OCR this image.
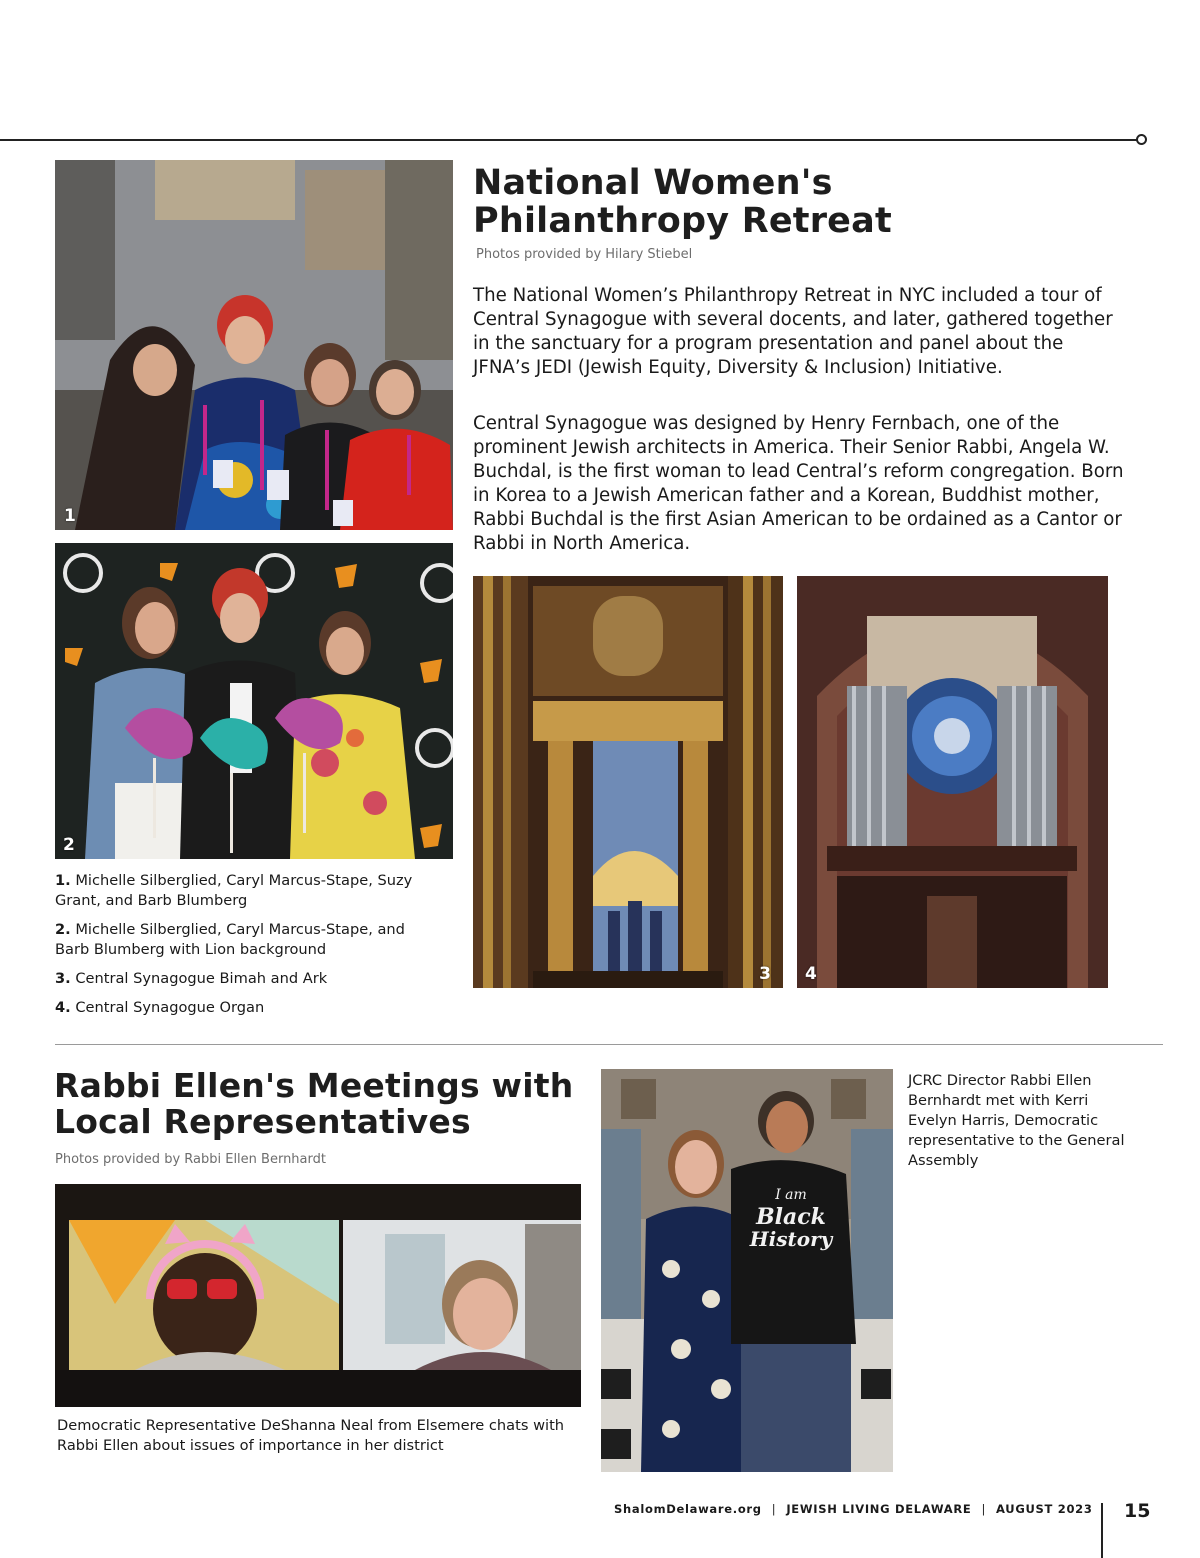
1
2
National Women's
Philanthropy Retreat
Photos provided by Hilary Stiebel
The National Women’s Philanthropy Retreat in NYC included a tour of Central Synagogue with several docents, and later, gathered together in the sanctuary for a program presentation and panel about the JFNA’s JEDI (Jewish Equity, Diversity & Inclusion) Initiative.
Central Synagogue was designed by Henry Fernbach, one of the prominent Jewish architects in America. Their Senior Rabbi, Angela W. Buchdal, is the first woman to lead Central’s reform congregation. Born in Korea to a Jewish American father and a Korean, Buddhist mother, Rabbi Buchdal is the first Asian American to be ordained as a Cantor or Rabbi in North America.
3 4
1. Michelle Silberglied, Caryl Marcus-Stape, Suzy Grant, and Barb Blumberg
2. Michelle Silberglied, Caryl Marcus-Stape, and Barb Blumberg with Lion background
3. Central Synagogue Bimah and Ark
4. Central Synagogue Organ
Rabbi Ellen's Meetings with
Local Representatives
Photos provided by Rabbi Ellen Bernhardt
Democratic Representative DeShanna Neal from Elsemere chats with Rabbi Ellen about issues of importance in her district
I am
Black
History
JCRC Director Rabbi Ellen Bernhardt met with Kerri Evelyn Harris, Democratic representative to the General Assembly
ShalomDelaware.org | JEWISH LIVING DELAWARE | AUGUST 2023 15
